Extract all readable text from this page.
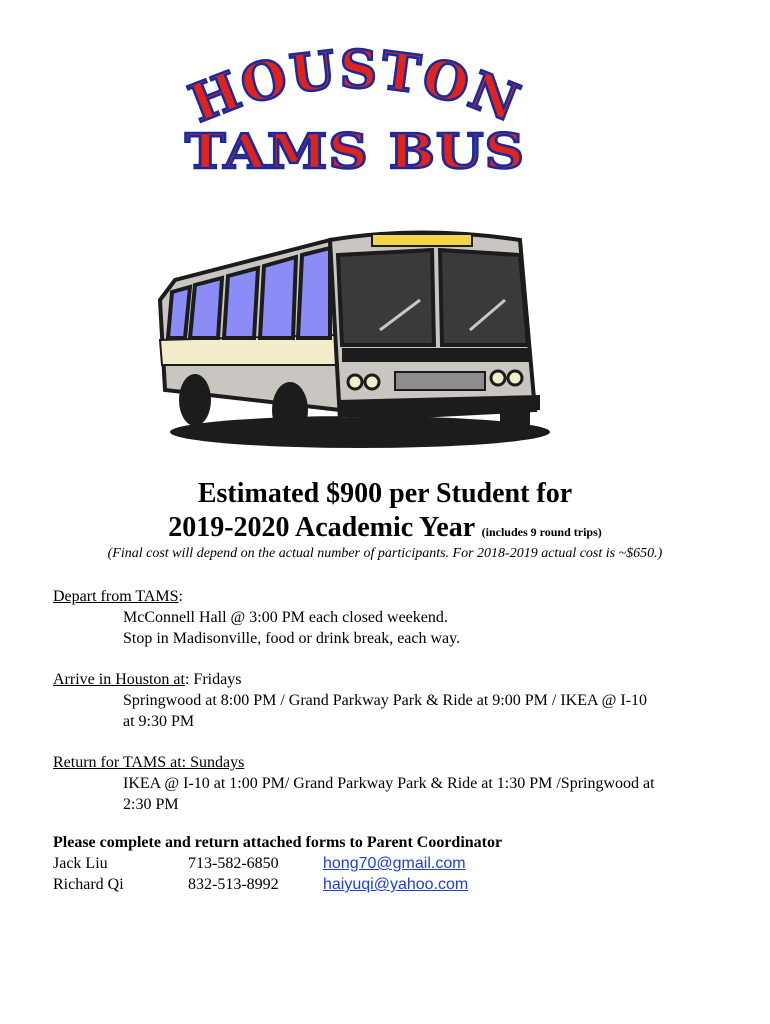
HOUSTON
TAMS BUS
Estimated $900 per Student for
2019-2020 Academic Year (includes 9 round trips)
(Final cost will depend on the actual number of participants. For 2018-2019 actual cost is ~$650.)
Depart from TAMS:
McConnell Hall @ 3:00 PM each closed weekend.
Stop in Madisonville, food or drink break, each way.
Arrive in Houston at: Fridays
Springwood at 8:00 PM / Grand Parkway Park & Ride at 9:00 PM / IKEA @ I-10
at 9:30 PM
Return for TAMS at: Sundays
IKEA @ I-10 at 1:00 PM/ Grand Parkway Park & Ride at 1:30 PM /Springwood at
2:30 PM
Please complete and return attached forms to Parent Coordinator
Jack Liu	713-582-6850	hong70@gmail.com
Richard Qi	832-513-8992	haiyuqi@yahoo.com
